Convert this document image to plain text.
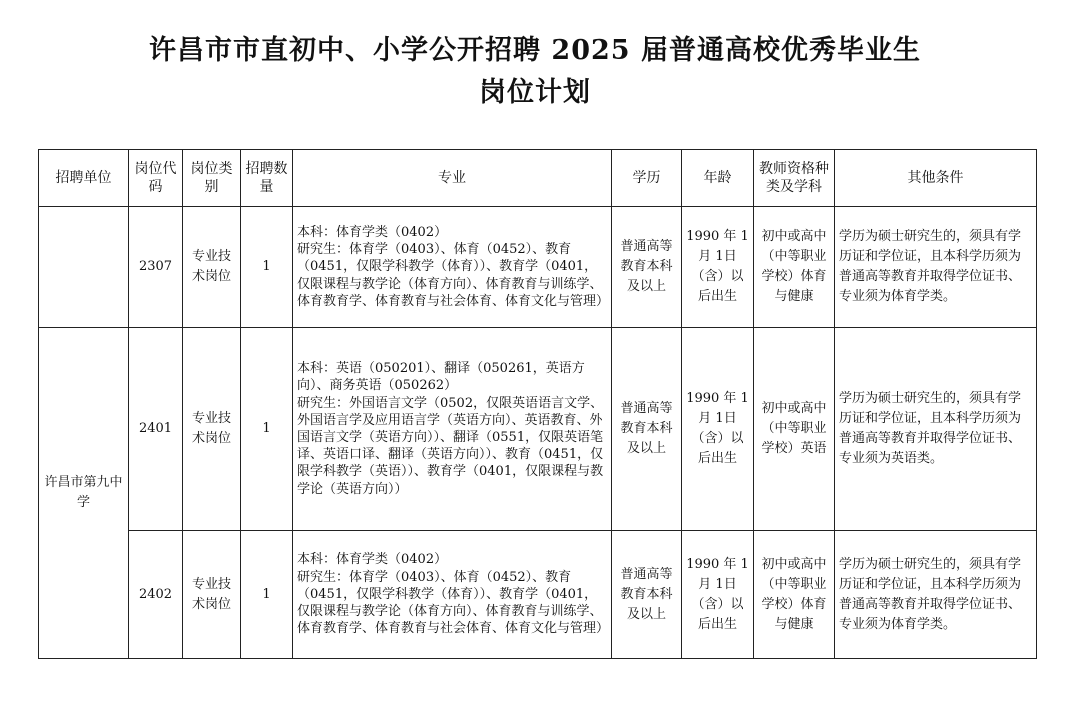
许昌市市直初中、小学公开招聘 2025 届普通高校优秀毕业生
岗位计划
招聘单位	岗位代码	岗位类别	招聘数量	专业	学历	年龄	教师资格种类及学科	其他条件
	2307	专业技术岗位	1	本科：体育学类（0402）
研究生：体育学（0403）、体育（0452）、教育（0451，仅限学科教学（体育））、教育学（0401，仅限课程与教学论（体育方向）、体育教育与训练学、体育教育学、体育教育与社会体育、体育文化与管理）	普通高等教育本科及以上	1990 年 1月 1日（含）以后出生	初中或高中（中等职业学校）体育与健康	学历为硕士研究生的，须具有学历证和学位证，且本科学历须为普通高等教育并取得学位证书、专业须为体育学类。
许昌市第九中学	2401	专业技术岗位	1	本科：英语（050201）、翻译（050261，英语方向）、商务英语（050262）
研究生：外国语言文学（0502，仅限英语语言文学、外国语言学及应用语言学（英语方向）、英语教育、外国语言文学（英语方向））、翻译（0551，仅限英语笔译、英语口译、翻译（英语方向））、教育（0451，仅限学科教学（英语））、教育学（0401，仅限课程与教学论（英语方向））	普通高等教育本科及以上	1990 年 1月 1日（含）以后出生	初中或高中（中等职业学校）英语	学历为硕士研究生的，须具有学历证和学位证，且本科学历须为普通高等教育并取得学位证书、专业须为英语类。
	2402	专业技术岗位	1	本科：体育学类（0402）
研究生：体育学（0403）、体育（0452）、教育（0451，仅限学科教学（体育））、教育学（0401，仅限课程与教学论（体育方向）、体育教育与训练学、体育教育学、体育教育与社会体育、体育文化与管理）	普通高等教育本科及以上	1990 年 1月 1日（含）以后出生	初中或高中（中等职业学校）体育与健康	学历为硕士研究生的，须具有学历证和学位证，且本科学历须为普通高等教育并取得学位证书、专业须为体育学类。
